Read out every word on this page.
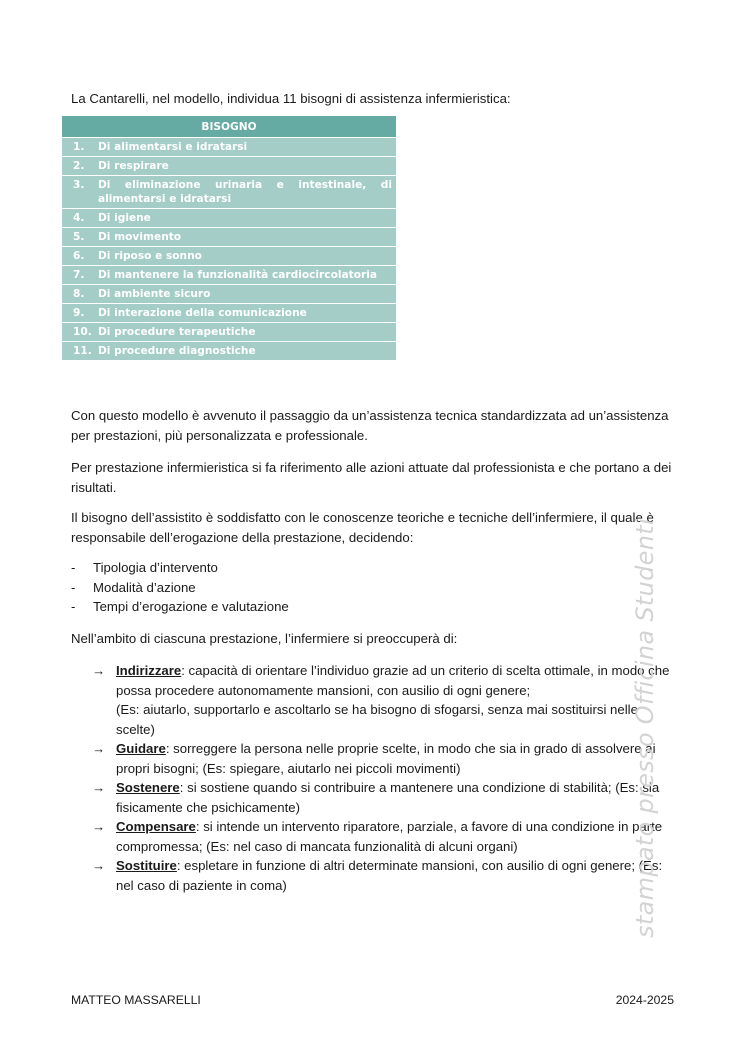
La Cantarelli, nel modello, individua 11 bisogni di assistenza infermieristica:

BISOGNO	
1.	Di alimentarsi e idratarsi
2.	Di respirare
3.	Di eliminazione urinaria e intestinale, di alimentarsi e idratarsi
4.	Di igiene
5.	Di movimento
6.	Di riposo e sonno
7.	Di mantenere la funzionalità cardiocircolatoria
8.	Di ambiente sicuro
9.	Di interazione della comunicazione
10.	Di procedure terapeutiche
11.	Di procedure diagnostiche

Con questo modello è avvenuto il passaggio da un’assistenza tecnica standardizzata ad un’assistenza per prestazioni, più personalizzata e professionale.

Per prestazione infermieristica si fa riferimento alle azioni attuate dal professionista e che portano a dei risultati.

Il bisogno dell’assistito è soddisfatto con le conoscenze teoriche e tecniche dell’infermiere, il quale è responsabile dell’erogazione della prestazione, decidendo:

- Tipologia d’intervento
- Modalità d’azione
- Tempi d’erogazione e valutazione

Nell’ambito di ciascuna prestazione, l’infermiere si preoccuperà di:

→ Indirizzare: capacità di orientare l’individuo grazie ad un criterio di scelta ottimale, in modo che possa procedere autonomamente mansioni, con ausilio di ogni genere;
(Es: aiutarlo, supportarlo e ascoltarlo se ha bisogno di sfogarsi, senza mai sostituirsi nelle scelte)
→ Guidare: sorreggere la persona nelle proprie scelte, in modo che sia in grado di assolvere ai propri bisogni; (Es: spiegare, aiutarlo nei piccoli movimenti)
→ Sostenere: si sostiene quando si contribuire a mantenere una condizione di stabilità; (Es: sia fisicamente che psichicamente)
→ Compensare: si intende un intervento riparatore, parziale, a favore di una condizione in parte compromessa; (Es: nel caso di mancata funzionalità di alcuni organi)
→ Sostituire: espletare in funzione di altri determinate mansioni, con ausilio di ogni genere; (Es: nel caso di paziente in coma)	stampato presso Officina Studenti
MATTEO MASSARELLI	2024-2025
